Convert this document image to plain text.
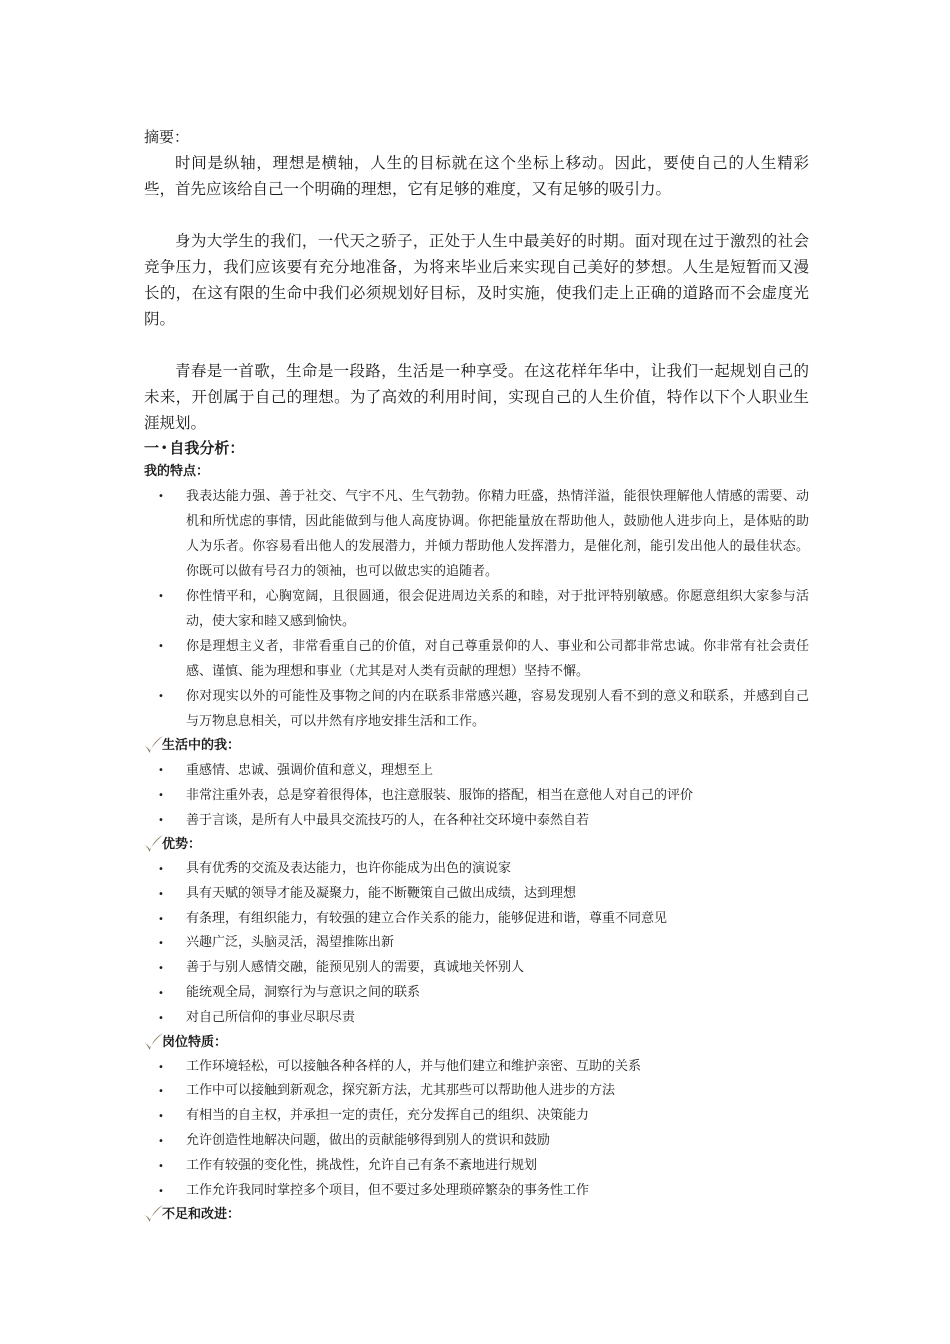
摘要：

时间是纵轴，理想是横轴，人生的目标就在这个坐标上移动。因此，要使自己的人生精彩些，首先应该给自己一个明确的理想，它有足够的难度，又有足够的吸引力。

身为大学生的我们，一代天之骄子，正处于人生中最美好的时期。面对现在过于激烈的社会竞争压力，我们应该要有充分地准备，为将来毕业后来实现自己美好的梦想。人生是短暂而又漫长的，在这有限的生命中我们必须规划好目标，及时实施，使我们走上正确的道路而不会虚度光阴。

青春是一首歌，生命是一段路，生活是一种享受。在这花样年华中，让我们一起规划自己的未来，开创属于自己的理想。为了高效的利用时间，实现自己的人生价值，特作以下个人职业生涯规划。

一 • 自我分析：
我的特点：
• 我表达能力强、善于社交、气宇不凡、生气勃勃。你精力旺盛，热情洋溢，能很快理解他人情感的需要、动机和所忧虑的事情，因此能做到与他人高度协调。你把能量放在帮助他人，鼓励他人进步向上，是体贴的助人为乐者。你容易看出他人的发展潜力，并倾力帮助他人发挥潜力，是催化剂，能引发出他人的最佳状态。你既可以做有号召力的领袖，也可以做忠实的追随者。
• 你性情平和，心胸宽阔，且很圆通，很会促进周边关系的和睦，对于批评特别敏感。你愿意组织大家参与活动，使大家和睦又感到愉快。
• 你是理想主义者，非常看重自己的价值，对自己尊重景仰的人、事业和公司都非常忠诚。你非常有社会责任感、谨慎、能为理想和事业（尤其是对人类有贡献的理想）坚持不懈。
• 你对现实以外的可能性及事物之间的内在联系非常感兴趣，容易发现别人看不到的意义和联系，并感到自己与万物息息相关，可以井然有序地安排生活和工作。
生活中的我：
• 重感情、忠诚、强调价值和意义，理想至上
• 非常注重外表，总是穿着很得体，也注意服装、服饰的搭配，相当在意他人对自己的评价
• 善于言谈，是所有人中最具交流技巧的人，在各种社交环境中泰然自若
优势：
• 具有优秀的交流及表达能力，也许你能成为出色的演说家
• 具有天赋的领导才能及凝聚力，能不断鞭策自己做出成绩，达到理想
• 有条理，有组织能力，有较强的建立合作关系的能力，能够促进和谐，尊重不同意见
• 兴趣广泛，头脑灵活，渴望推陈出新
• 善于与别人感情交融，能预见别人的需要，真诚地关怀别人
• 能统观全局，洞察行为与意识之间的联系
• 对自己所信仰的事业尽职尽责
岗位特质：
• 工作环境轻松，可以接触各种各样的人，并与他们建立和维护亲密、互助的关系
• 工作中可以接触到新观念，探究新方法，尤其那些可以帮助他人进步的方法
• 有相当的自主权，并承担一定的责任，充分发挥自己的组织、决策能力
• 允许创造性地解决问题，做出的贡献能够得到别人的赏识和鼓励
• 工作有较强的变化性，挑战性，允许自己有条不紊地进行规划
• 工作允许我同时掌控多个项目，但不要过多处理琐碎繁杂的事务性工作
不足和改进：
